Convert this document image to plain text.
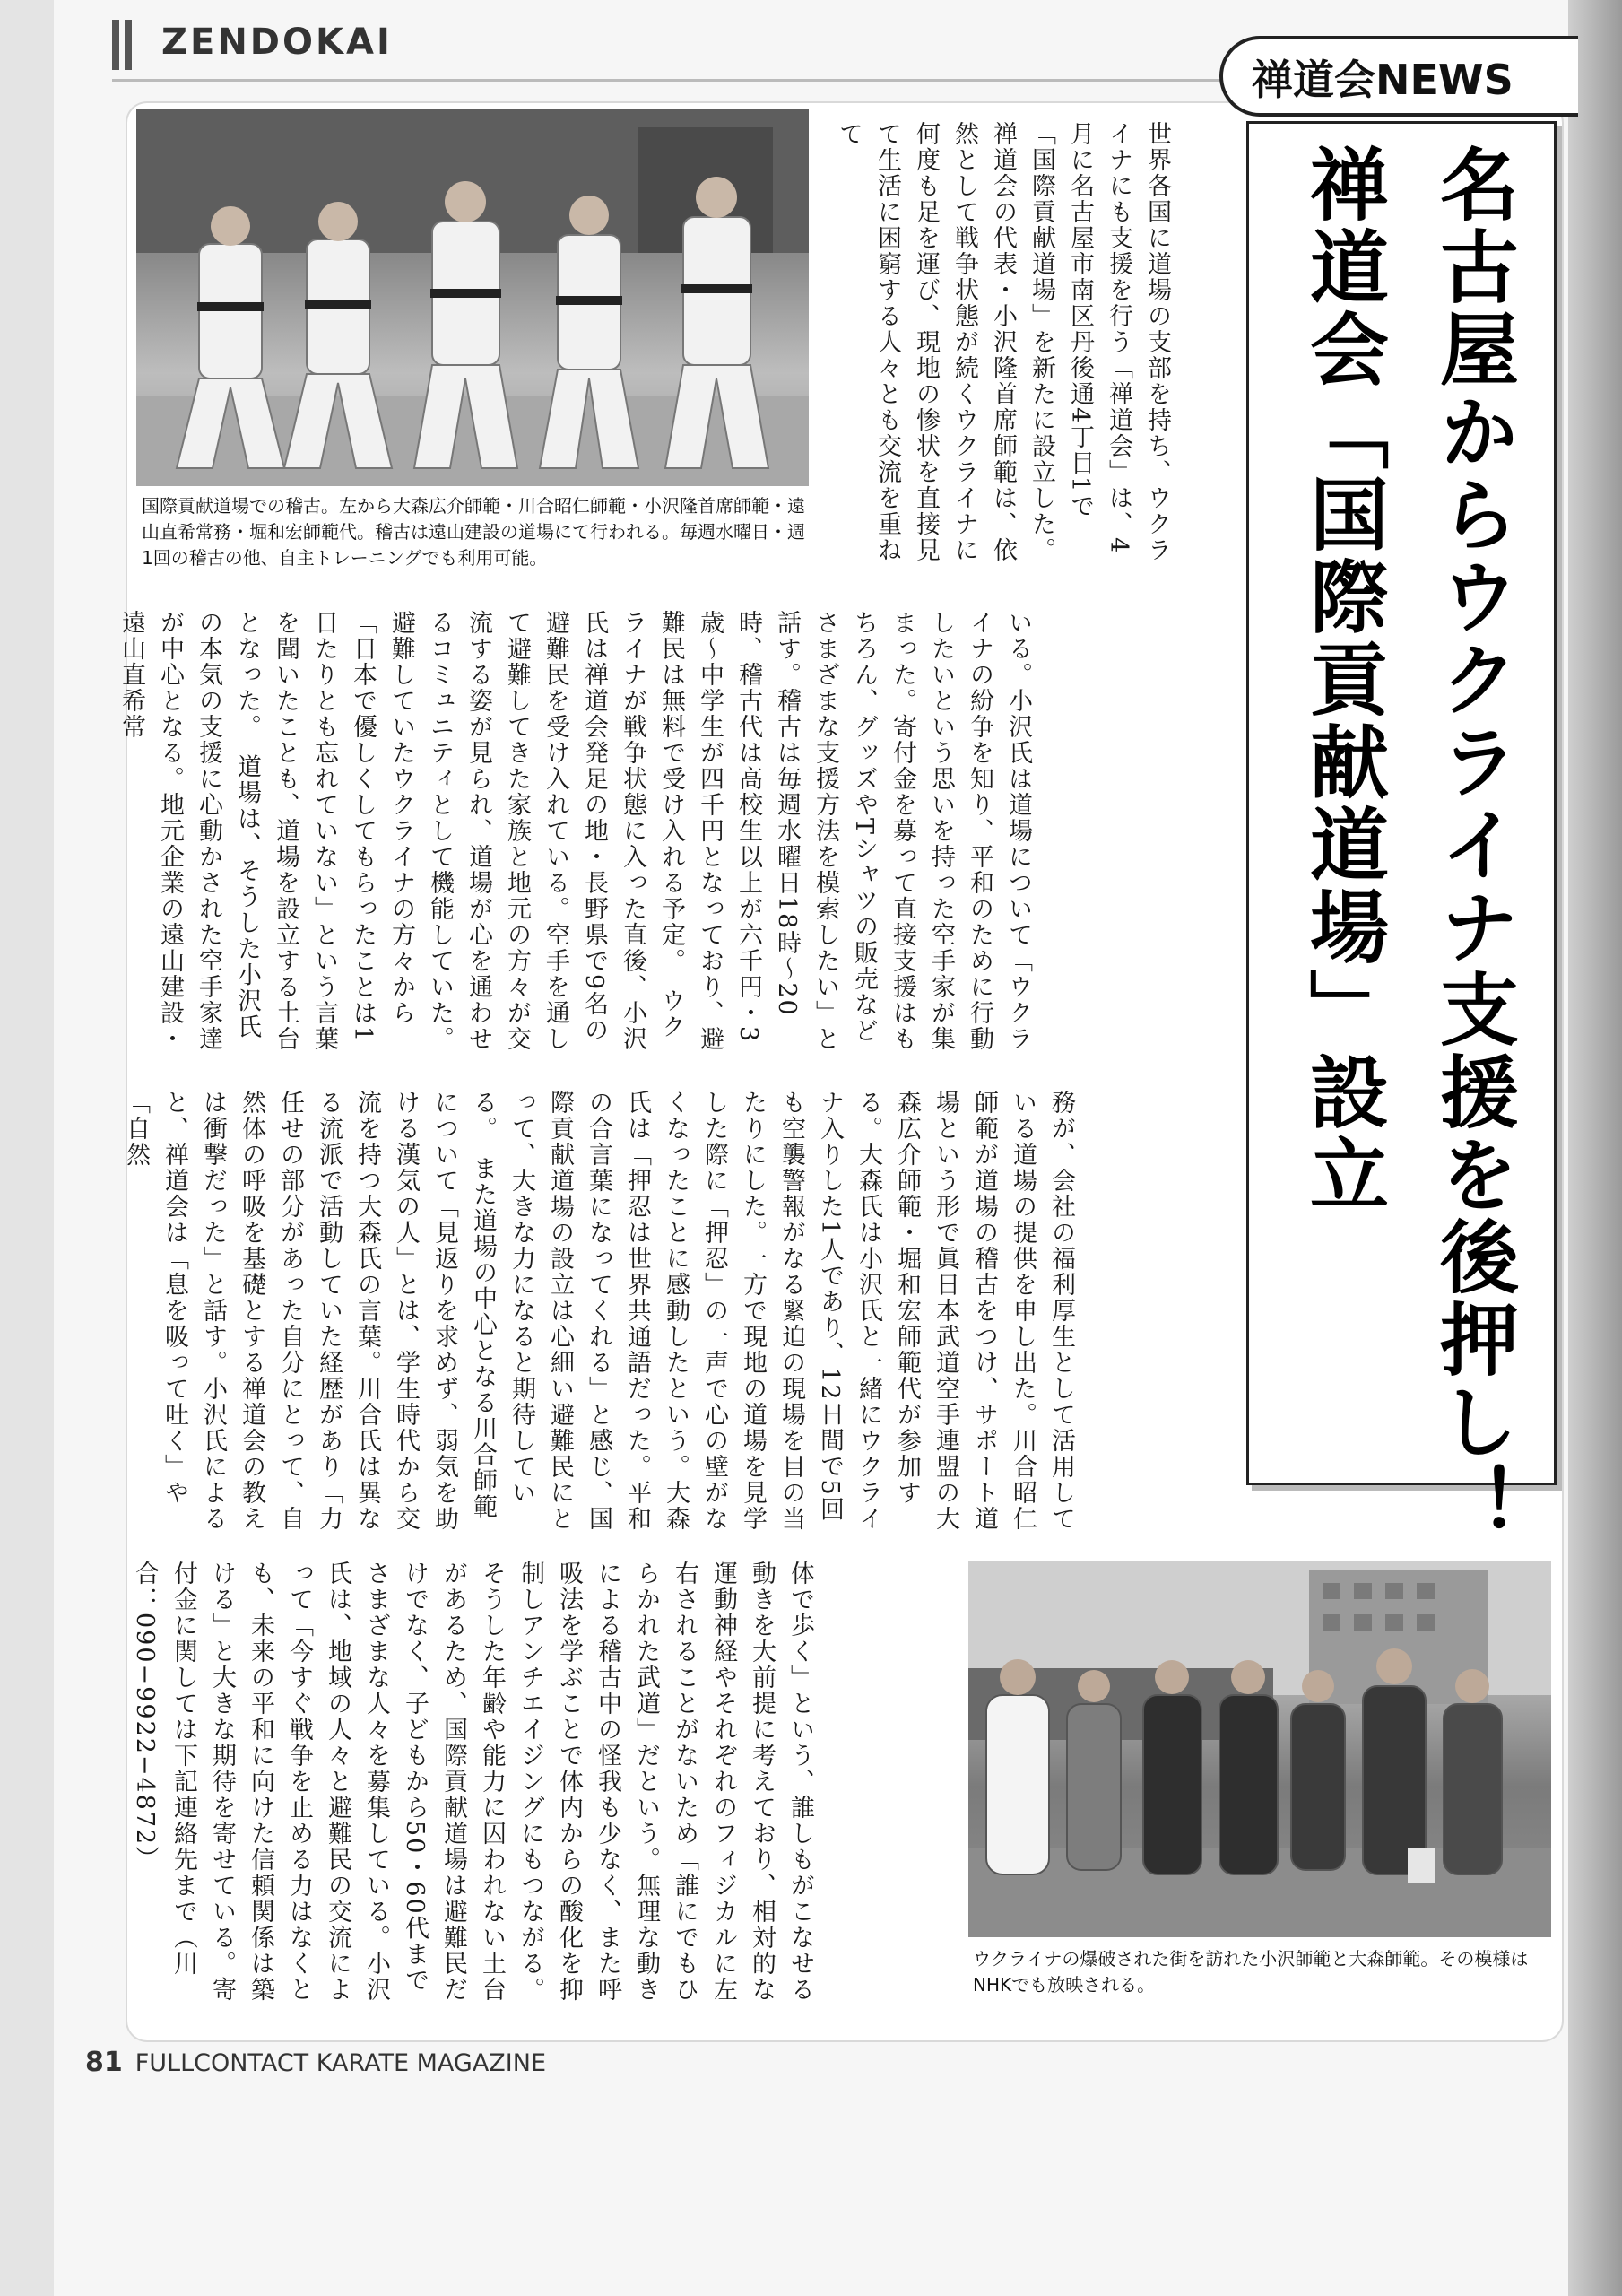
ZENDOKAI
禅道会NEWS
名古屋からウクライナ支援を後押し！
禅道会「国際貢献道場」設立
国際貢献道場での稽古。左から大森広介師範・川合昭仁師範・小沢隆首席師範・遠山直希常務・堀和宏師範代。稽古は遠山建設の道場にて行われる。毎週水曜日・週1回の稽古の他、自主トレーニングでも利用可能。	世界各国に道場の支部を持ち、ウクライナにも支援を行う「禅道会」は、4月に名古屋市南区丹後通4丁目1で「国際貢献道場」を新たに設立した。禅道会の代表・小沢隆首席師範は、依然として戦争状態が続くウクライナに何度も足を運び、現地の惨状を直接見て生活に困窮する人々とも交流を重ねて
いる。小沢氏は道場について「ウクライナの紛争を知り、平和のために行動したいという思いを持った空手家が集まった。寄付金を募って直接支援はもちろん、グッズやTシャツの販売などさまざまな支援方法を模索したい」と話す。稽古は毎週水曜日18時〜20時、稽古代は高校生以上が六千円・3歳〜中学生が四千円となっており、避難民は無料で受け入れる予定。　ウクライナが戦争状態に入った直後、小沢氏は禅道会発足の地・長野県で9名の避難民を受け入れている。空手を通して避難してきた家族と地元の方々が交流する姿が見られ、道場が心を通わせるコミュニティとして機能していた。避難していたウクライナの方々から「日本で優しくしてもらったことは1日たりとも忘れていない」という言葉を聞いたことも、道場を設立する土台となった。　道場は、そうした小沢氏の本気の支援に心動かされた空手家達が中心となる。地元企業の遠山建設・遠山直希常
務が、会社の福利厚生として活用している道場の提供を申し出た。川合昭仁師範が道場の稽古をつけ、サポート道場という形で眞日本武道空手連盟の大森広介師範・堀和宏師範代が参加する。大森氏は小沢氏と一緒にウクライナ入りした1人であり、12日間で5回も空襲警報がなる緊迫の現場を目の当たりにした。一方で現地の道場を見学した際に「押忍」の一声で心の壁がなくなったことに感動したという。大森氏は「押忍は世界共通語だった。平和の合言葉になってくれる」と感じ、国際貢献道場の設立は心細い避難民にとって、大きな力になると期待している。　また道場の中心となる川合師範について「見返りを求めず、弱気を助ける漢気の人」とは、学生時代から交流を持つ大森氏の言葉。川合氏は異なる流派で活動していた経歴があり「力任せの部分があった自分にとって、自然体の呼吸を基礎とする禅道会の教えは衝撃だった」と話す。小沢氏によると、禅道会は「息を吸って吐く」や「自然
体で歩く」という、誰しもがこなせる動きを大前提に考えており、相対的な運動神経やそれぞれのフィジカルに左右されることがないため「誰にでもひらかれた武道」だという。無理な動きによる稽古中の怪我も少なく、また呼吸法を学ぶことで体内からの酸化を抑制しアンチエイジングにもつながる。そうした年齢や能力に囚われない土台があるため、国際貢献道場は避難民だけでなく、子どもから50・60代までさまざまな人々を募集している。小沢氏は、地域の人々と避難民の交流によって「今すぐ戦争を止める力はなくとも、未来の平和に向けた信頼関係は築ける」と大きな期待を寄せている。寄付金に関しては下記連絡先まで（川合：090−9922−4872）
ウクライナの爆破された街を訪れた小沢師範と大森師範。その模様はNHKでも放映される。
81 FULLCONTACT KARATE MAGAZINE
